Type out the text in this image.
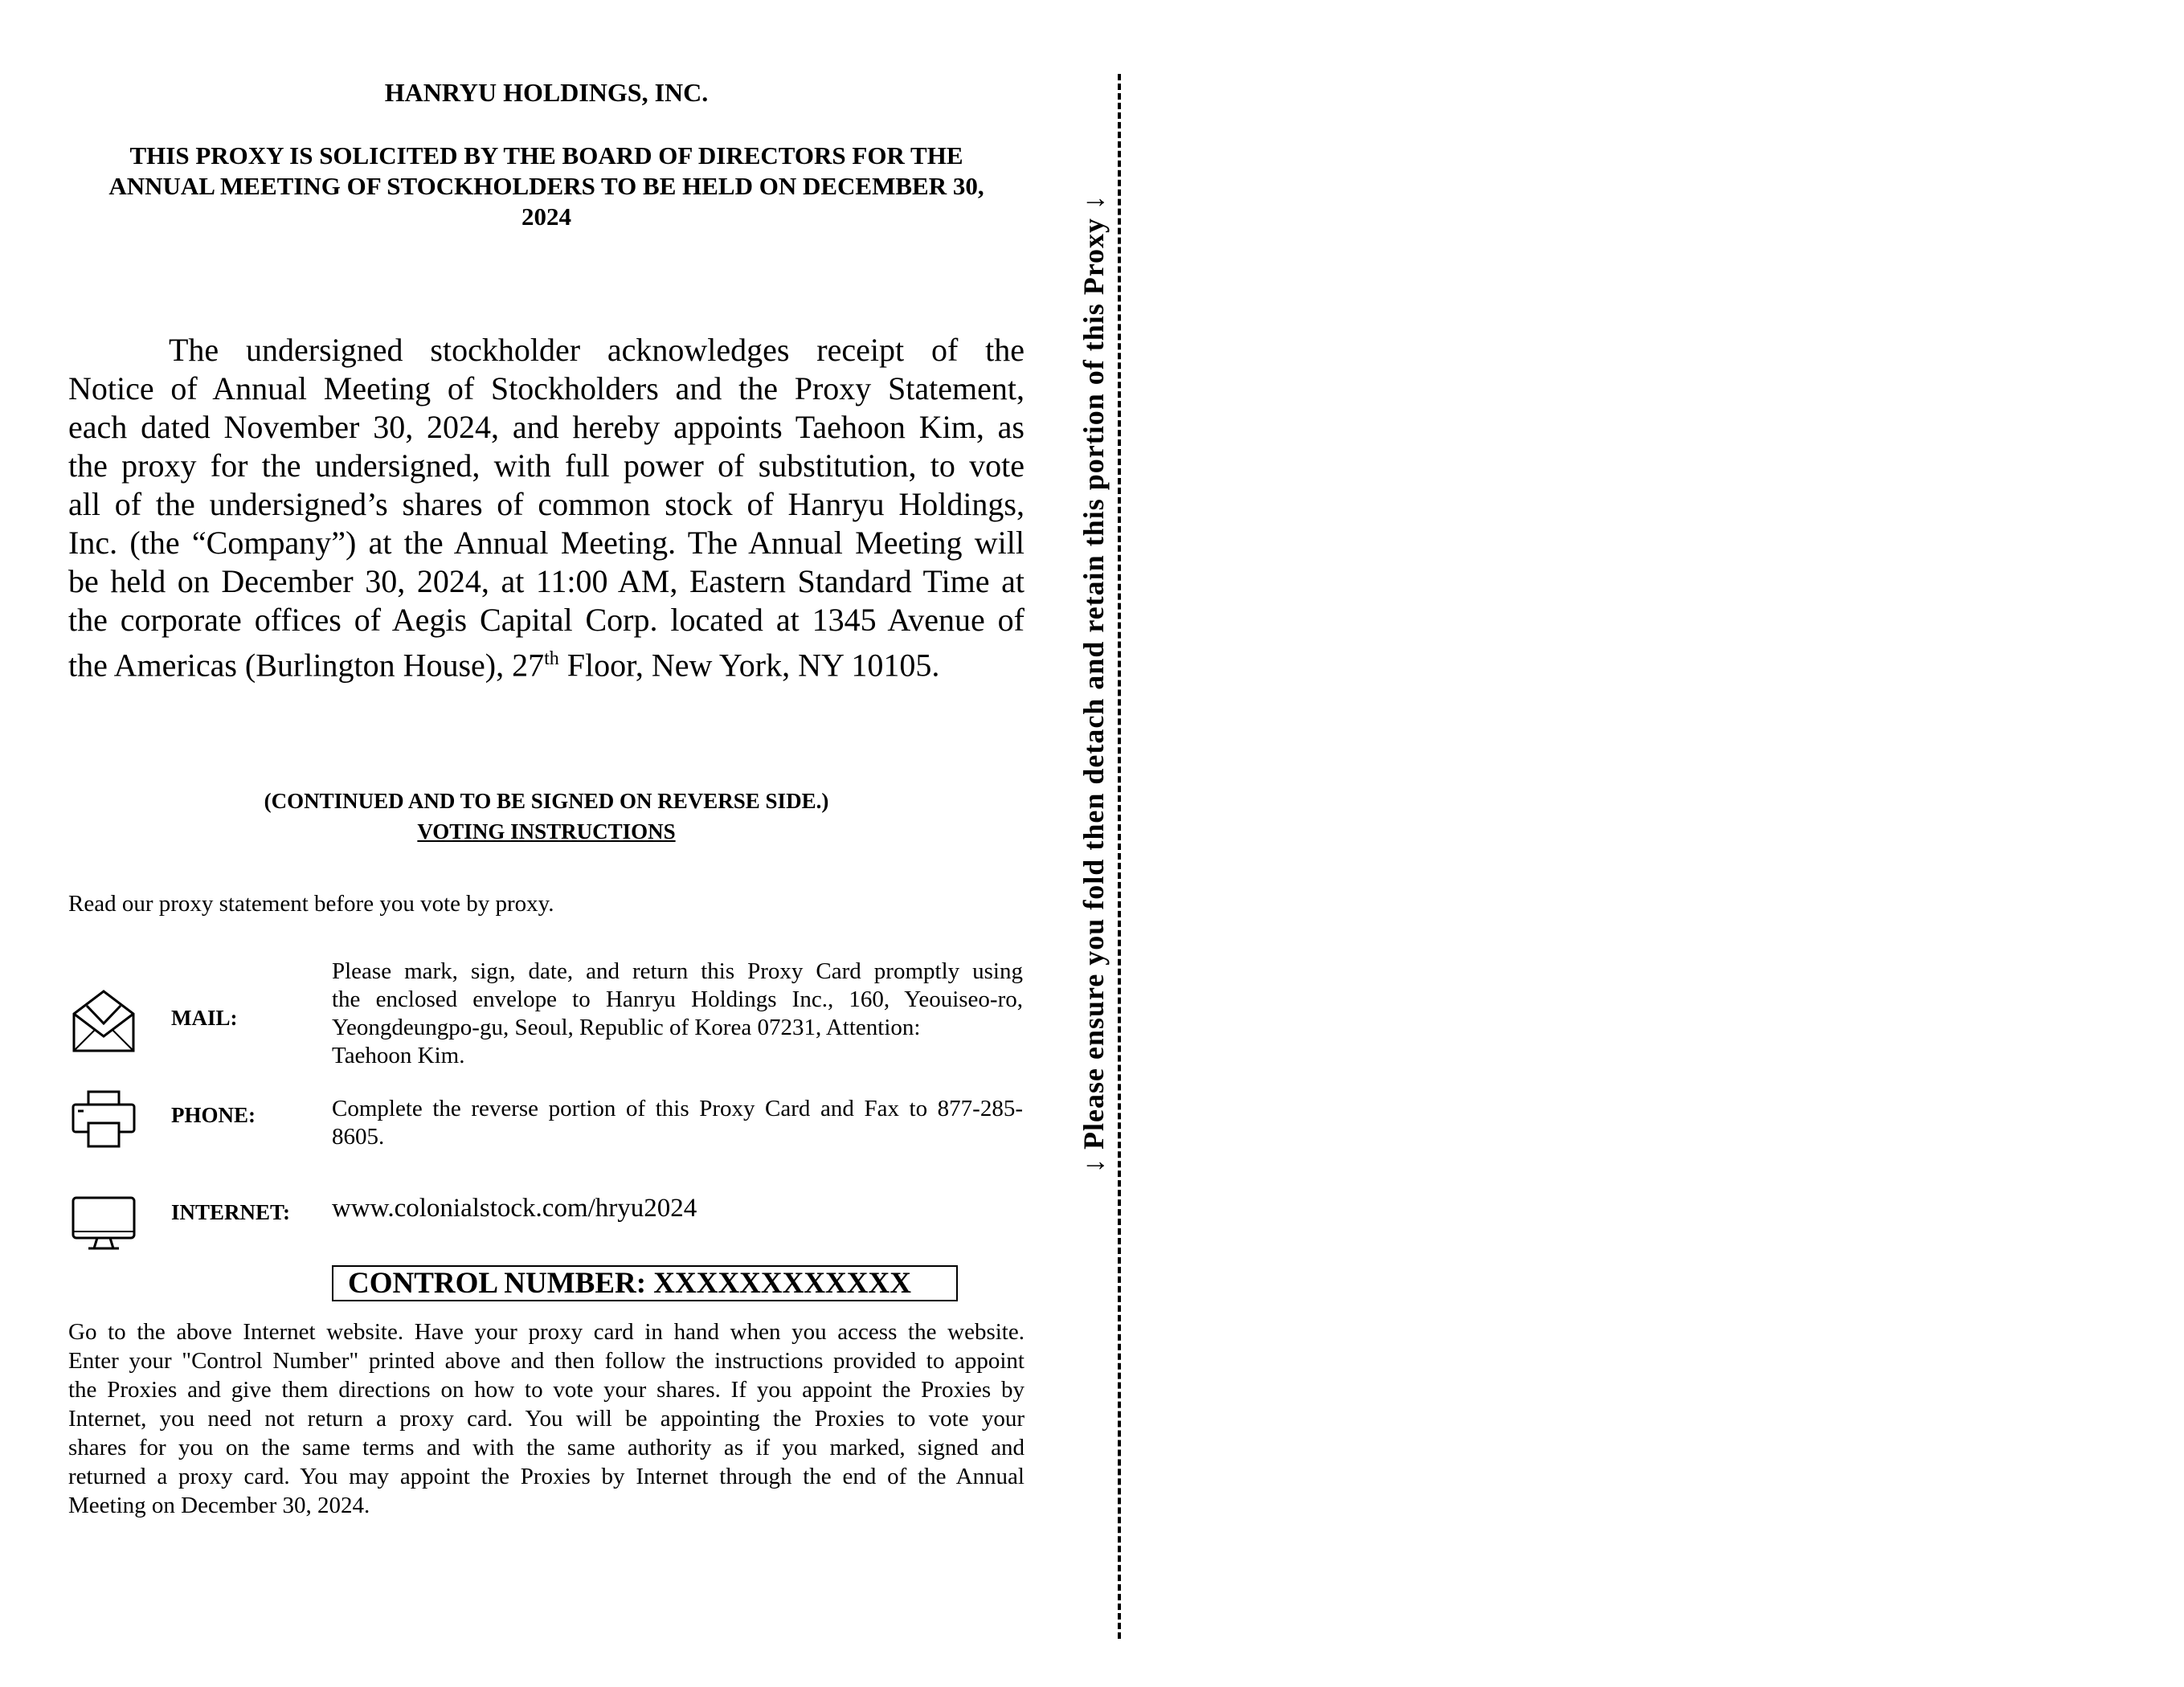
HANRYU HOLDINGS, INC.
THIS PROXY IS SOLICITED BY THE BOARD OF DIRECTORS FOR THE
ANNUAL MEETING OF STOCKHOLDERS TO BE HELD ON DECEMBER 30,
2024
The undersigned stockholder acknowledges receipt of the
Notice of Annual Meeting of Stockholders and the Proxy Statement,
each dated November 30, 2024, and hereby appoints Taehoon Kim, as
the proxy for the undersigned, with full power of substitution, to vote
all of the undersigned’s shares of common stock of Hanryu Holdings,
Inc. (the “Company”) at the Annual Meeting. The Annual Meeting will
be held on December 30, 2024, at 11:00 AM, Eastern Standard Time at
the corporate offices of Aegis Capital Corp. located at 1345 Avenue of
the Americas (Burlington House), 27th Floor, New York, NY 10105.
(CONTINUED AND TO BE SIGNED ON REVERSE SIDE.)
VOTING INSTRUCTIONS
Read our proxy statement before you vote by proxy.
MAIL:
Please mark, sign, date, and return this Proxy Card promptly using
the enclosed envelope to Hanryu Holdings Inc., 160, Yeouiseo-ro,
Yeongdeungpo-gu, Seoul, Republic of Korea 07231, Attention:
Taehoon Kim.
PHONE:	Complete the reverse portion of this Proxy Card and Fax to 877-285-
8605.
INTERNET: www.colonialstock.com/hryu2024
CONTROL NUMBER: XXXXXXXXXXXX
Go to the above Internet website. Have your proxy card in hand when you access the website.
Enter your "Control Number" printed above and then follow the instructions provided to appoint
the Proxies and give them directions on how to vote your shares. If you appoint the Proxies by
Internet, you need not return a proxy card. You will be appointing the Proxies to vote your
shares for you on the same terms and with the same authority as if you marked, signed and
returned a proxy card. You may appoint the Proxies by Internet through the end of the Annual
Meeting on December 30, 2024.
↓ Please ensure you fold then detach and retain this portion of this Proxy ↓
